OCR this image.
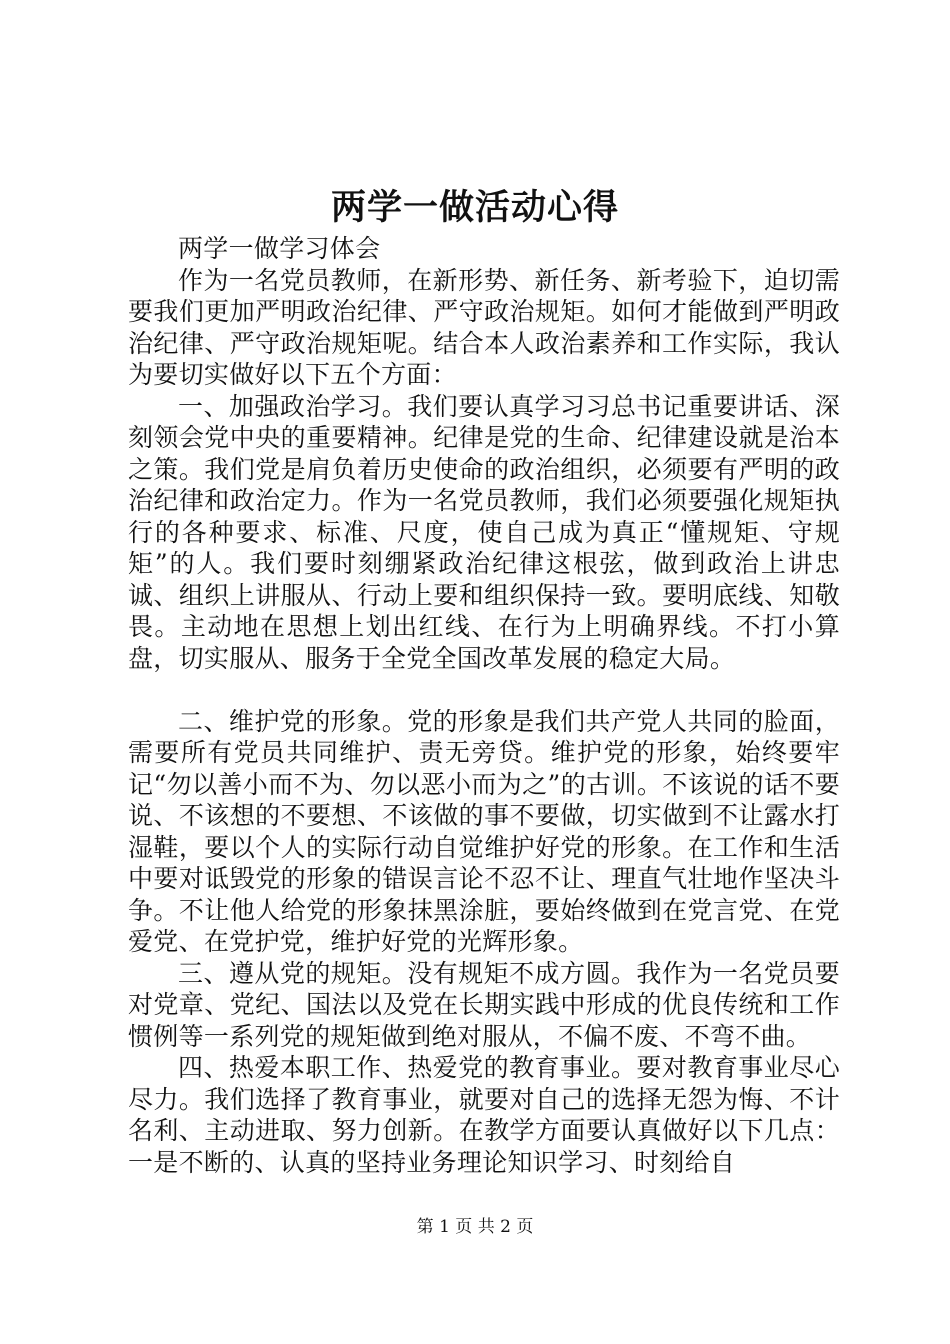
两学一做活动心得

两学一做学习体会

作为一名党员教师，在新形势、新任务、新考验下，迫切需要我们更加严明政治纪律、严守政治规矩。如何才能做到严明政治纪律、严守政治规矩呢。结合本人政治素养和工作实际，我认为要切实做好以下五个方面：

一、加强政治学习。我们要认真学习习总书记重要讲话、深刻领会党中央的重要精神。纪律是党的生命、纪律建设就是治本之策。我们党是肩负着历史使命的政治组织，必须要有严明的政治纪律和政治定力。作为一名党员教师，我们必须要强化规矩执行的各种要求、标准、尺度，使自己成为真正“懂规矩、守规矩”的人。我们要时刻绷紧政治纪律这根弦，做到政治上讲忠诚、组织上讲服从、行动上要和组织保持一致。要明底线、知敬畏。主动地在思想上划出红线、在行为上明确界线。不打小算盘，切实服从、服务于全党全国改革发展的稳定大局。

二、维护党的形象。党的形象是我们共产党人共同的脸面，需要所有党员共同维护、责无旁贷。维护党的形象，始终要牢记“勿以善小而不为、勿以恶小而为之”的古训。不该说的话不要说、不该想的不要想、不该做的事不要做，切实做到不让露水打湿鞋，要以个人的实际行动自觉维护好党的形象。在工作和生活中要对诋毁党的形象的错误言论不忍不让、理直气壮地作坚决斗争。不让他人给党的形象抹黑涂脏，要始终做到在党言党、在党爱党、在党护党，维护好党的光辉形象。

三、遵从党的规矩。没有规矩不成方圆。我作为一名党员要对党章、党纪、国法以及党在长期实践中形成的优良传统和工作惯例等一系列党的规矩做到绝对服从，不偏不废、不弯不曲。

四、热爱本职工作、热爱党的教育事业。要对教育事业尽心尽力。我们选择了教育事业，就要对自己的选择无怨为悔、不计名利、主动进取、努力创新。在教学方面要认真做好以下几点：一是不断的、认真的坚持业务理论知识学习、时刻给自

第 1 页 共 2 页
